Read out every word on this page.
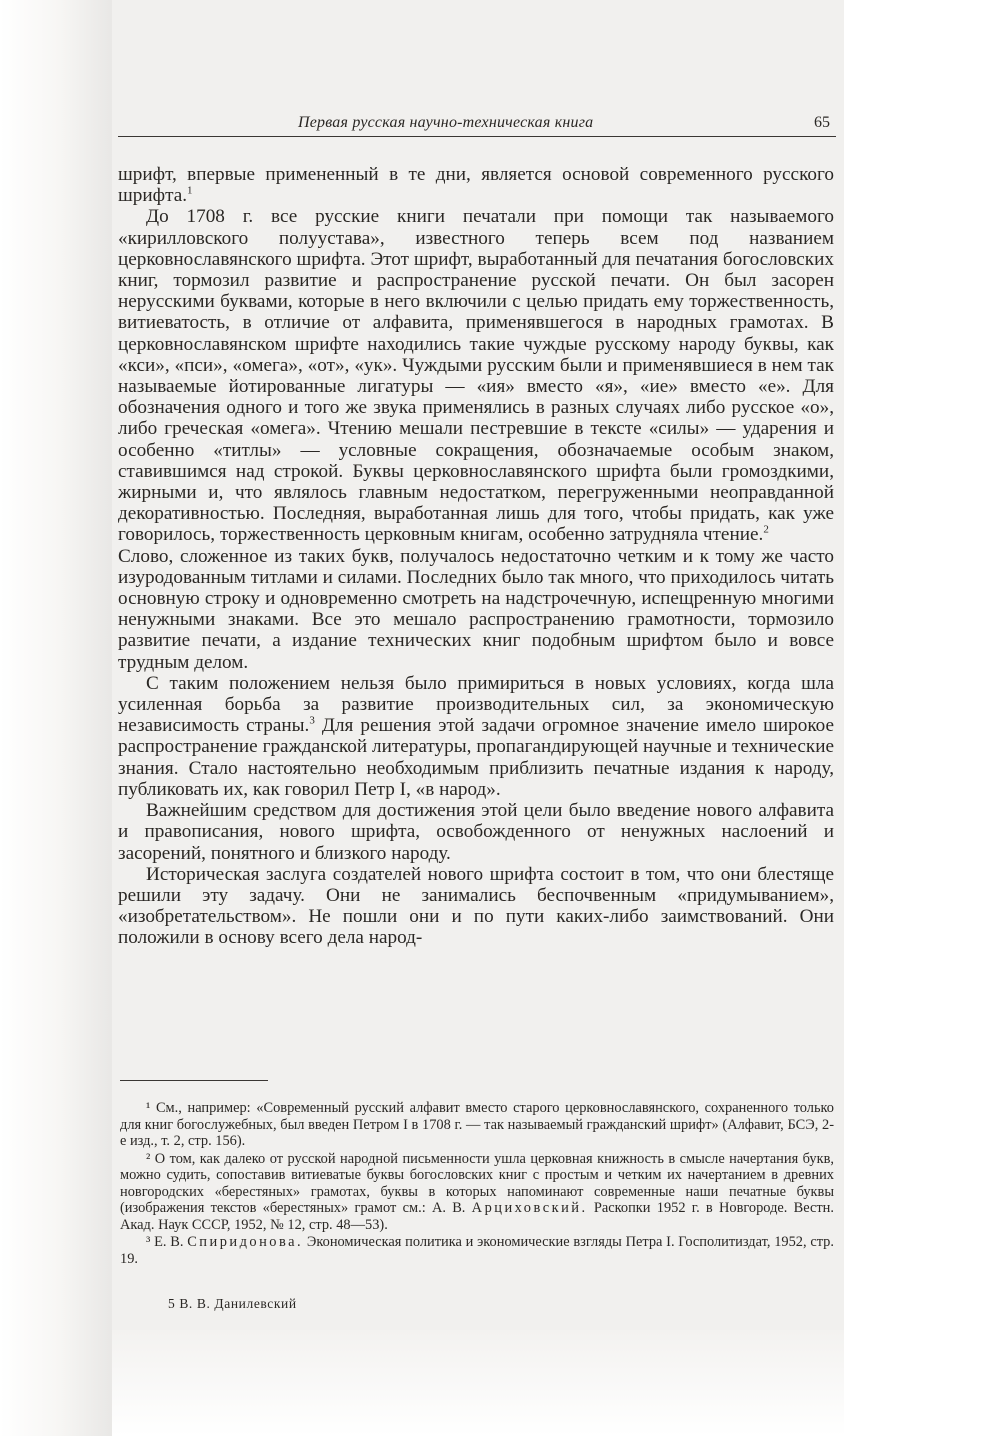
Первая русская научно-техническая книга	65

шрифт, впервые примененный в те дни, является основой современного русского шрифта.$^1$

До 1708 г. все русские книги печатали при помощи так называемого «кирилловского полуустава», известного теперь всем под названием церковнославянского шрифта. Этот шрифт, выработанный для печатания богословских книг, тормозил развитие и распространение русской печати. Он был засорен нерусскими буквами, которые в него включили с целью придать ему торжественность, витиеватость, в отличие от алфавита, применявшегося в народных грамотах. В церковнославянском шрифте находились такие чуждые русскому народу буквы, как «кси», «пси», «омега», «от», «ук». Чуждыми русским были и применявшиеся в нем так называемые йотированные лигатуры — «ия» вместо «я», «ие» вместо «е». Для обозначения одного и того же звука применялись в разных случаях либо русское «о», либо греческая «омега». Чтению мешали пестревшие в тексте «силы» — ударения и особенно «титлы» — условные сокращения, обозначаемые особым знаком, ставившимся над строкой. Буквы церковнославянского шрифта были громоздкими, жирными и, что являлось главным недостатком, перегруженными неоправданной декоративностью. Последняя, выработанная лишь для того, чтобы придать, как уже говорилось, торжественность церковным книгам, особенно затрудняла чтение.$^2$

Слово, сложенное из таких букв, получалось недостаточно четким и к тому же часто изуродованным титлами и силами. Последних было так много, что приходилось читать основную строку и одновременно смотреть на надстрочечную, испещренную многими ненужными знаками. Все это мешало распространению грамотности, тормозило развитие печати, а издание технических книг подобным шрифтом было и вовсе трудным делом.

С таким положением нельзя было примириться в новых условиях, когда шла усиленная борьба за развитие производительных сил, за экономическую независимость страны.$^3$ Для решения этой задачи огромное значение имело широкое распространение гражданской литературы, пропагандирующей научные и технические знания. Стало настоятельно необходимым приблизить печатные издания к народу, публиковать их, как говорил Петр I, «в народ».

Важнейшим средством для достижения этой цели было введение нового алфавита и правописания, нового шрифта, освобожденного от ненужных наслоений и засорений, понятного и близкого народу.

Историческая заслуга создателей нового шрифта состоит в том, что они блестяще решили эту задачу. Они не занимались беспочвенным «придумыванием», «изобретательством». Не пошли они и по пути каких-либо заимствований. Они положили в основу всего дела народ-

¹ См., например: «Современный русский алфавит вместо старого церковнославянского, сохраненного только для книг богослужебных, был введен Петром I в 1708 г. — так называемый гражданский шрифт» (Алфавит, БСЭ, 2-е изд., т. 2, стр. 156).

² О том, как далеко от русской народной письменности ушла церковная книжность в смысле начертания букв, можно судить, сопоставив витиеватые буквы богословских книг с простым и четким их начертанием в древних новгородских «берестяных» грамотах, буквы в которых напоминают современные наши печатные буквы (изображения текстов «берестяных» грамот см.: А. В. Арциховский. Раскопки 1952 г. в Новгороде. Вестн. Акад. Наук СССР, 1952, № 12, стр. 48—53).

³ Е. В. Спиридонова. Экономическая политика и экономические взгляды Петра I. Госполитиздат, 1952, стр. 19.

5 В. В. Данилевский
